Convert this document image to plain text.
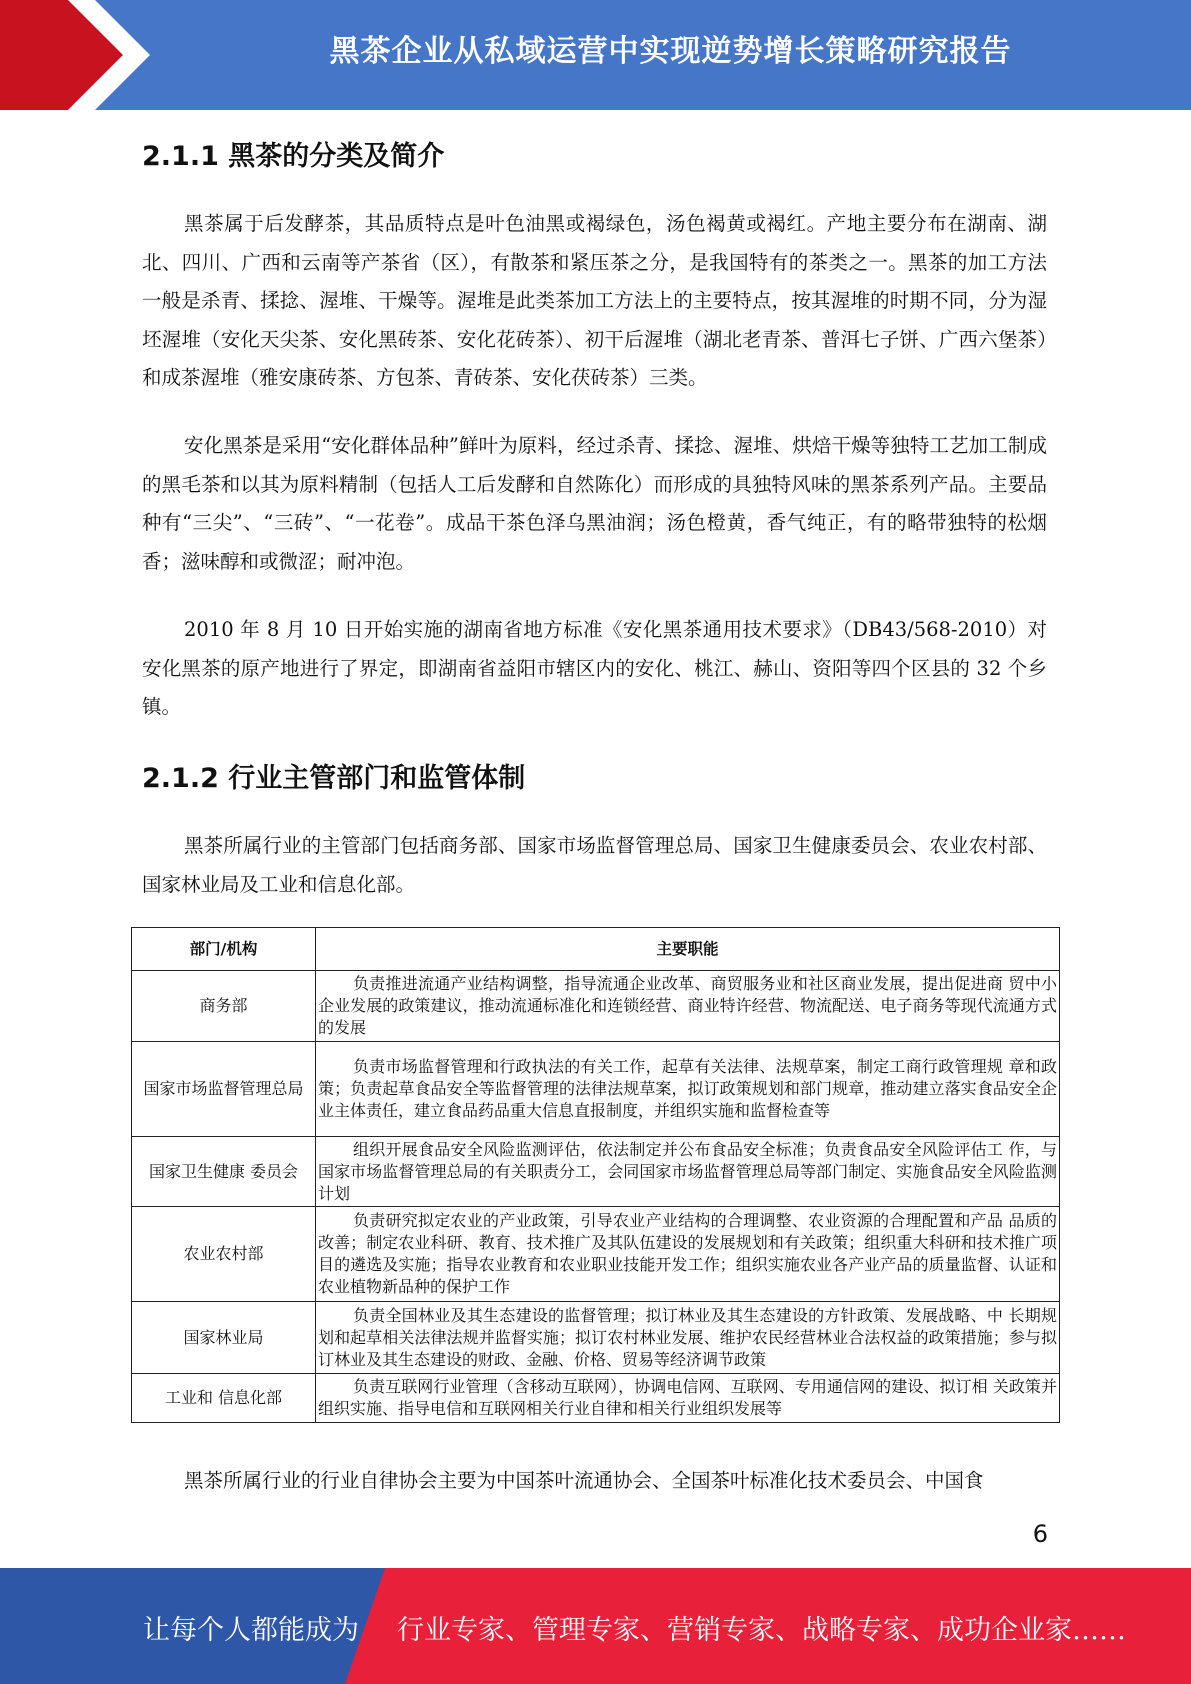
黑茶企业从私域运营中实现逆势增长策略研究报告
2.1.1 黑茶的分类及简介

黑茶属于后发酵茶，其品质特点是叶色油黑或褐绿色，汤色褐黄或褐红。产地主要分布在湖南、湖北、四川、广西和云南等产茶省（区），有散茶和紧压茶之分，是我国特有的茶类之一。黑茶的加工方法一般是杀青、揉捻、渥堆、干燥等。渥堆是此类茶加工方法上的主要特点，按其渥堆的时期不同，分为湿坯渥堆（安化天尖茶、安化黑砖茶、安化花砖茶）、初干后渥堆（湖北老青茶、普洱七子饼、广西六堡茶）和成茶渥堆（雅安康砖茶、方包茶、青砖茶、安化茯砖茶）三类。

安化黑茶是采用“安化群体品种”鲜叶为原料，经过杀青、揉捻、渥堆、烘焙干燥等独特工艺加工制成的黑毛茶和以其为原料精制（包括人工后发酵和自然陈化）而形成的具独特风味的黑茶系列产品。主要品种有“三尖”、“三砖”、“一花卷”。成品干茶色泽乌黑油润；汤色橙黄，香气纯正，有的略带独特的松烟香；滋味醇和或微涩；耐冲泡。

2010 年 8 月 10 日开始实施的湖南省地方标准《安化黑茶通用技术要求》（DB43/568-2010）对安化黑茶的原产地进行了界定，即湖南省益阳市辖区内的安化、桃江、赫山、资阳等四个区县的 32 个乡镇。

2.1.2 行业主管部门和监管体制

黑茶所属行业的主管部门包括商务部、国家市场监督管理总局、国家卫生健康委员会、农业农村部、国家林业局及工业和信息化部。

部门/机构	主要职能
商务部	负责推进流通产业结构调整，指导流通企业改革、商贸服务业和社区商业发展，提出促进商 贸中小企业发展的政策建议，推动流通标准化和连锁经营、商业特许经营、物流配送、电子商务等现代流通方式的发展
国家市场监督管理总局	负责市场监督管理和行政执法的有关工作，起草有关法律、法规草案，制定工商行政管理规 章和政策；负责起草食品安全等监督管理的法律法规草案，拟订政策规划和部门规章，推动建立落实食品安全企业主体责任，建立食品药品重大信息直报制度，并组织实施和监督检查等
国家卫生健康 委员会	组织开展食品安全风险监测评估，依法制定并公布食品安全标准；负责食品安全风险评估工 作，与国家市场监督管理总局的有关职责分工，会同国家市场监督管理总局等部门制定、实施食品安全风险监测计划
农业农村部	负责研究拟定农业的产业政策，引导农业产业结构的合理调整、农业资源的合理配置和产品 品质的改善；制定农业科研、教育、技术推广及其队伍建设的发展规划和有关政策；组织重大科研和技术推广项目的遴选及实施；指导农业教育和农业职业技能开发工作；组织实施农业各产业产品的质量监督、认证和农业植物新品种的保护工作
国家林业局	负责全国林业及其生态建设的监督管理；拟订林业及其生态建设的方针政策、发展战略、中 长期规划和起草相关法律法规并监督实施；拟订农村林业发展、维护农民经营林业合法权益的政策措施；参与拟订林业及其生态建设的财政、金融、价格、贸易等经济调节政策
工业和 信息化部	负责互联网行业管理（含移动互联网），协调电信网、互联网、专用通信网的建设、拟订相 关政策并组织实施、指导电信和互联网相关行业自律和相关行业组织发展等

黑茶所属行业的行业自律协会主要为中国茶叶流通协会、全国茶叶标准化技术委员会、中国食

6
让每个人都能成为 行业专家、管理专家、营销专家、战略专家、成功企业家……
